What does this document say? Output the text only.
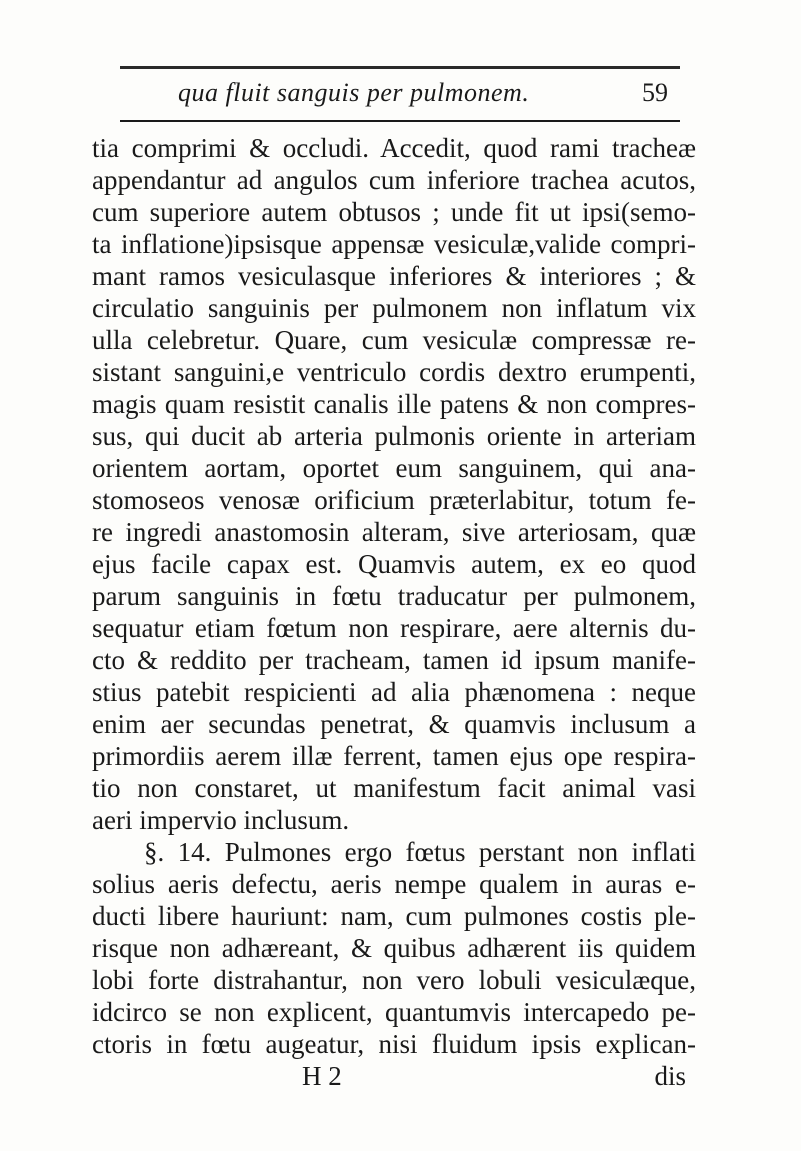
qua fluit sanguis per pulmonem.	59
tia comprimi & occludi. Accedit, quod rami tracheæ
appendantur ad angulos cum inferiore trachea acutos,
cum superiore autem obtusos ; unde fit ut ipsi(semo-
ta inflatione)ipsisque appensæ vesiculæ,valide compri-
mant ramos vesiculasque inferiores & interiores ; &
circulatio sanguinis per pulmonem non inflatum vix
ulla celebretur. Quare, cum vesiculæ compressæ re-
sistant sanguini,e ventriculo cordis dextro erumpenti,
magis quam resistit canalis ille patens & non compres-
sus, qui ducit ab arteria pulmonis oriente in arteriam
orientem aortam, oportet eum sanguinem, qui ana-
stomoseos venosæ orificium præterlabitur, totum fe-
re ingredi anastomosin alteram, sive arteriosam, quæ
ejus facile capax est. Quamvis autem, ex eo quod
parum sanguinis in fœtu traducatur per pulmonem,
sequatur etiam fœtum non respirare, aere alternis du-
cto & reddito per tracheam, tamen id ipsum manife-
stius patebit respicienti ad alia phænomena : neque
enim aer secundas penetrat, & quamvis inclusum a
primordiis aerem illæ ferrent, tamen ejus ope respira-
tio non constaret, ut manifestum facit animal vasi
aeri impervio inclusum.
§. 14. Pulmones ergo fœtus perstant non inflati
solius aeris defectu, aeris nempe qualem in auras e-
ducti libere hauriunt: nam, cum pulmones costis ple-
risque non adhæreant, & quibus adhærent iis quidem
lobi forte distrahantur, non vero lobuli vesiculæque,
idcirco se non explicent, quantumvis intercapedo pe-
ctoris in fœtu augeatur, nisi fluidum ipsis explican-
H 2	dis
